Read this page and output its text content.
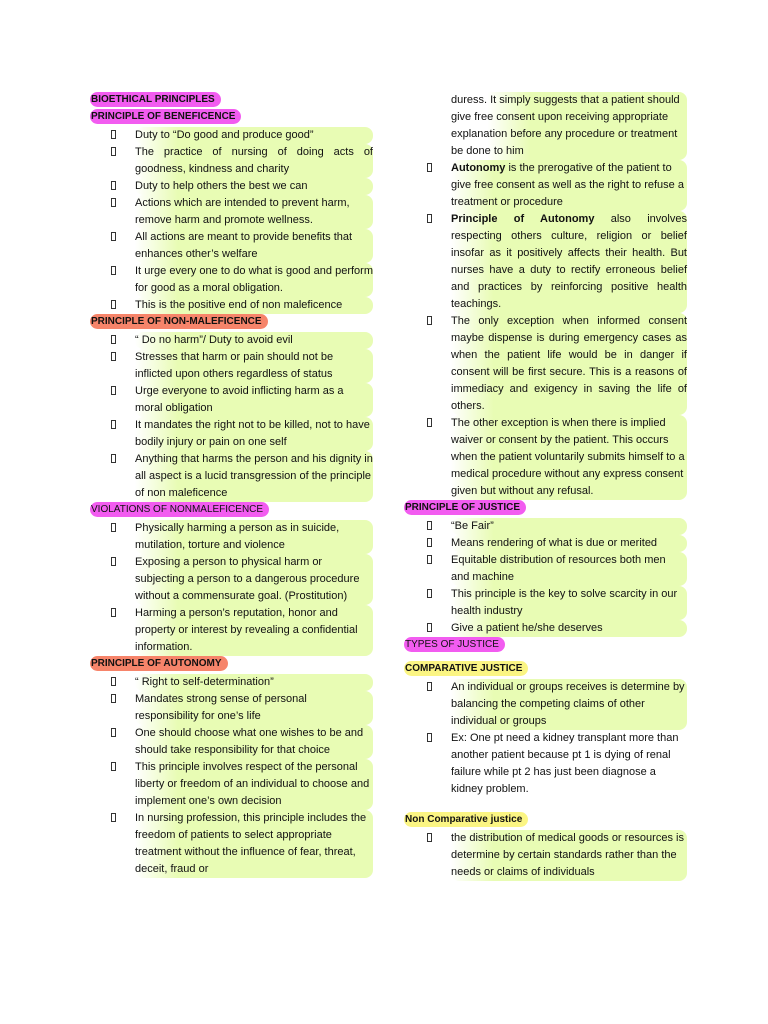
BIOETHICAL PRINCIPLES
PRINCIPLE OF BENEFICENCE
Duty to “Do good and produce good”
The practice of nursing of doing acts of goodness, kindness and charity
Duty to help others the best we can
Actions which are intended to prevent harm, remove harm and promote wellness.
All actions are meant to provide benefits that enhances other’s welfare
It urge every one to do what is good and perform for good as a moral obligation.
This is the positive end of non maleficence
PRINCIPLE OF NON-MALEFICENCE
“ Do no harm”/ Duty to avoid evil
Stresses that harm or pain should not be inflicted upon others regardless of status
Urge everyone to avoid inflicting harm as a moral obligation
It mandates the right not to be killed, not to have bodily injury or pain on one self
Anything that harms the person and his dignity in all aspect is a lucid transgression of the principle of non maleficence
VIOLATIONS OF NONMALEFICENCE
Physically harming a person as in suicide, mutilation, torture and violence
Exposing a person to physical harm or subjecting a person to a dangerous procedure without a commensurate goal. (Prostitution)
Harming a person’s reputation, honor and property or interest by revealing a confidential information.
PRINCIPLE OF AUTONOMY
“ Right to self-determination”
Mandates strong sense of personal responsibility for one’s life
One should choose what one wishes to be and should take responsibility for that choice
This principle involves respect of the personal liberty or freedom of an individual to choose and implement one’s own decision
In nursing profession, this principle includes the freedom of patients to select appropriate treatment without the influence of fear, threat, deceit, fraud or
duress. It simply suggests that a patient should give free consent upon receiving appropriate explanation before any procedure or treatment be done to him
Autonomy is the prerogative of the patient to give free consent as well as the right to refuse a treatment or procedure
Principle of Autonomy also involves respecting others culture, religion or belief insofar as it positively affects their health. But nurses have a duty to rectify erroneous belief and practices by reinforcing positive health teachings.
The only exception when informed consent maybe dispense is during emergency cases as when the patient life would be in danger if consent will be first secure. This is a reasons of immediacy and exigency in saving the life of others.
The other exception is when there is implied waiver or consent by the patient. This occurs when the patient voluntarily submits himself to a medical procedure without any express consent given but without any refusal.
PRINCIPLE OF JUSTICE
“Be Fair”
Means rendering of what is due or merited
Equitable distribution of resources both men and machine
This principle is the key to solve scarcity in our health industry
Give a patient he/she deserves
TYPES OF JUSTICE
COMPARATIVE JUSTICE
An individual or groups receives is determine by balancing the competing claims of other individual or groups
Ex: One pt need a kidney transplant more than another patient because pt 1 is dying of renal failure while pt 2 has just been diagnose a kidney problem.
Non Comparative justice
the distribution of medical goods or resources is determine by certain standards rather than the needs or claims of individuals
